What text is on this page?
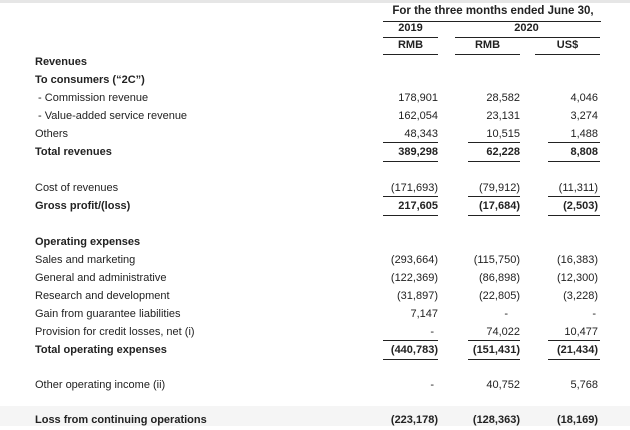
For the three months ended June 30,
2019	2020
RMB	RMB	US$
Revenues
To consumers (“2C”)
- Commission revenue	178,901	28,582	4,046
- Value-added service revenue	162,054	23,131	3,274
Others	48,343	10,515	1,488
Total revenues	389,298	62,228	8,808
Cost of revenues	(171,693)	(79,912)	(11,311)
Gross profit/(loss)	217,605	(17,684)	(2,503)
Operating expenses
Sales and marketing	(293,664)	(115,750)	(16,383)
General and administrative	(122,369)	(86,898)	(12,300)
Research and development	(31,897)	(22,805)	(3,228)
Gain from guarantee liabilities	7,147	-	-
Provision for credit losses, net (i)	-	74,022	10,477
Total operating expenses	(440,783)	(151,431)	(21,434)
Other operating income (ii)	-	40,752	5,768
Loss from continuing operations	(223,178)	(128,363)	(18,169)
